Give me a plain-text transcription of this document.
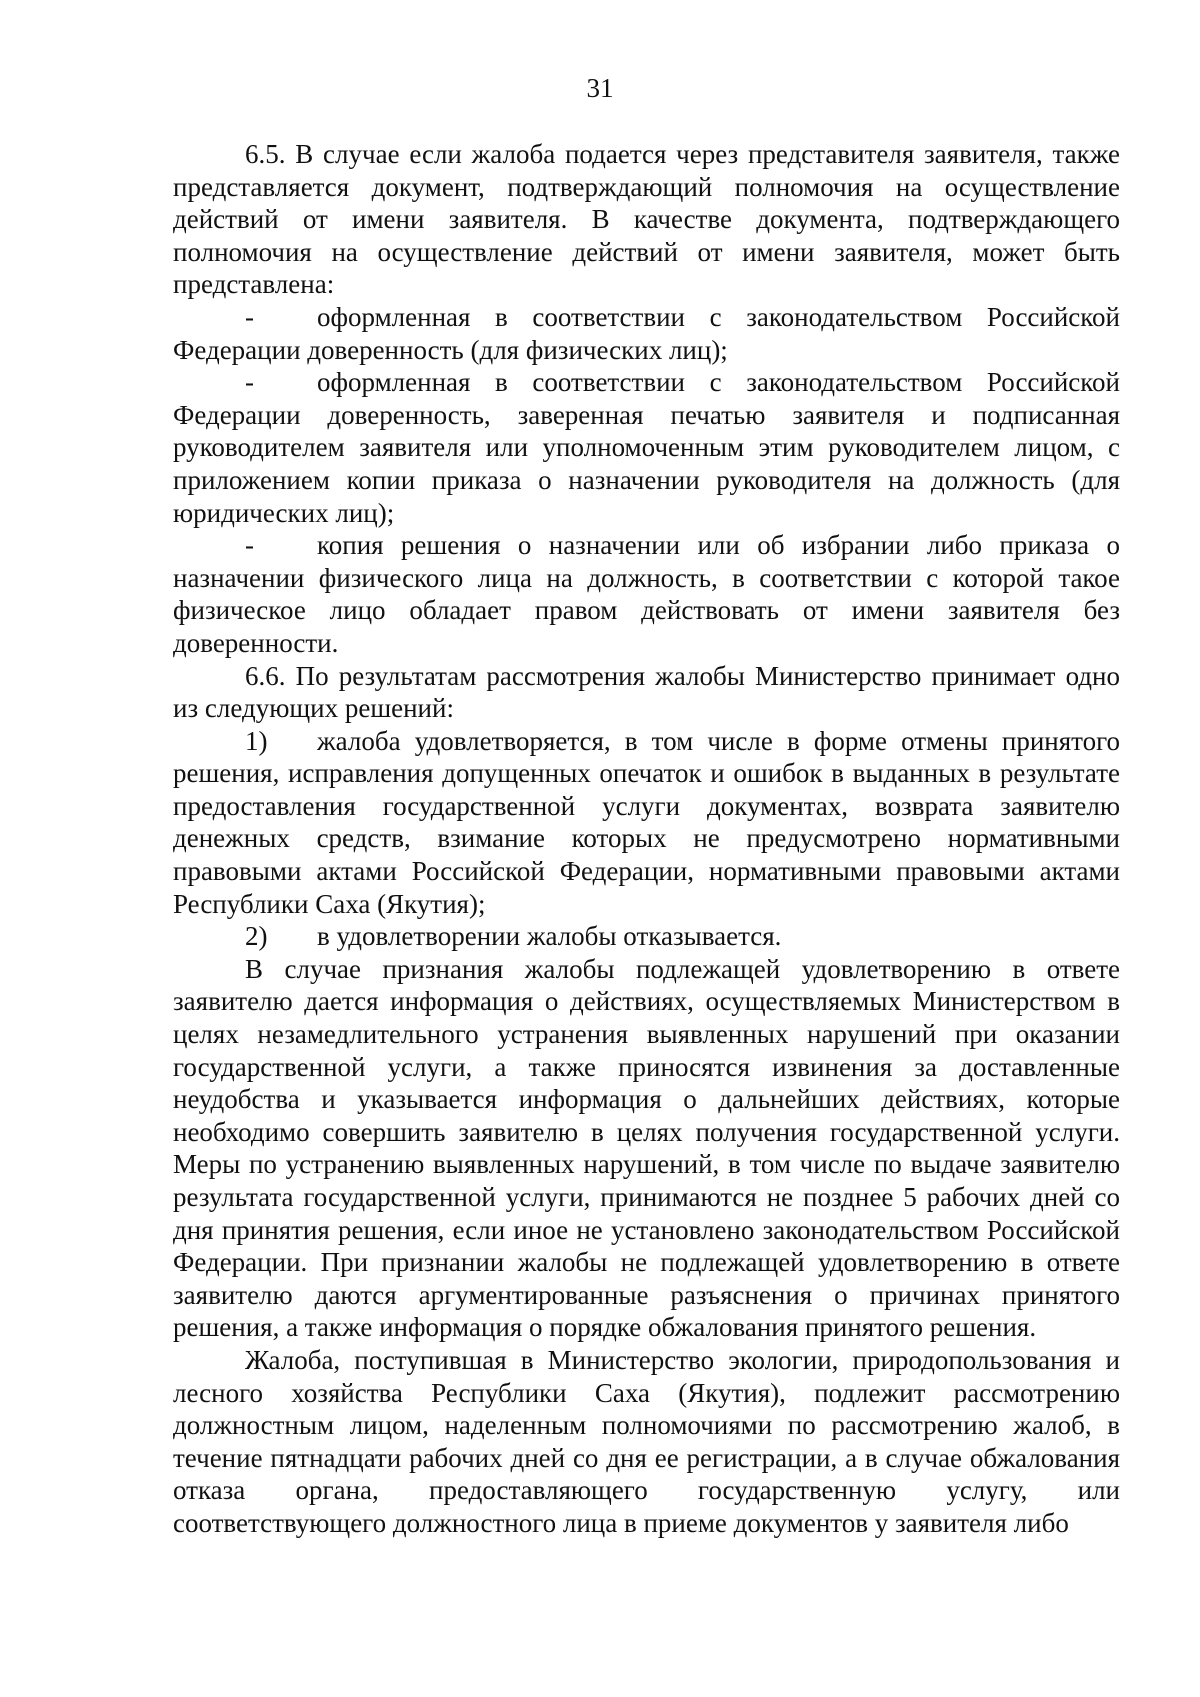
31

6.5. В случае если жалоба подается через представителя заявителя, также представляется документ, подтверждающий полномочия на осуществление действий от имени заявителя. В качестве документа, подтверждающего полномочия на осуществление действий от имени заявителя, может быть представлена:

- оформленная в соответствии с законодательством Российской Федерации доверенность (для физических лиц);

- оформленная в соответствии с законодательством Российской Федерации доверенность, заверенная печатью заявителя и подписанная руководителем заявителя или уполномоченным этим руководителем лицом, с приложением копии приказа о назначении руководителя на должность (для юридических лиц);

- копия решения о назначении или об избрании либо приказа о назначении физического лица на должность, в соответствии с которой такое физическое лицо обладает правом действовать от имени заявителя без доверенности.

6.6. По результатам рассмотрения жалобы Министерство принимает одно из следующих решений:

1) жалоба удовлетворяется, в том числе в форме отмены принятого решения, исправления допущенных опечаток и ошибок в выданных в результате предоставления государственной услуги документах, возврата заявителю денежных средств, взимание которых не предусмотрено нормативными правовыми актами Российской Федерации, нормативными правовыми актами Республики Саха (Якутия);

2) в удовлетворении жалобы отказывается.

В случае признания жалобы подлежащей удовлетворению в ответе заявителю дается информация о действиях, осуществляемых Министерством в целях незамедлительного устранения выявленных нарушений при оказании государственной услуги, а также приносятся извинения за доставленные неудобства и указывается информация о дальнейших действиях, которые необходимо совершить заявителю в целях получения государственной услуги. Меры по устранению выявленных нарушений, в том числе по выдаче заявителю результата государственной услуги, принимаются не позднее 5 рабочих дней со дня принятия решения, если иное не установлено законодательством Российской Федерации. При признании жалобы не подлежащей удовлетворению в ответе заявителю даются аргументированные разъяснения о причинах принятого решения, а также информация о порядке обжалования принятого решения.

Жалоба, поступившая в Министерство экологии, природопользования и лесного хозяйства Республики Саха (Якутия), подлежит рассмотрению должностным лицом, наделенным полномочиями по рассмотрению жалоб, в течение пятнадцати рабочих дней со дня ее регистрации, а в случае обжалования отказа органа, предоставляющего государственную услугу, или соответствующего должностного лица в приеме документов у заявителя либо
